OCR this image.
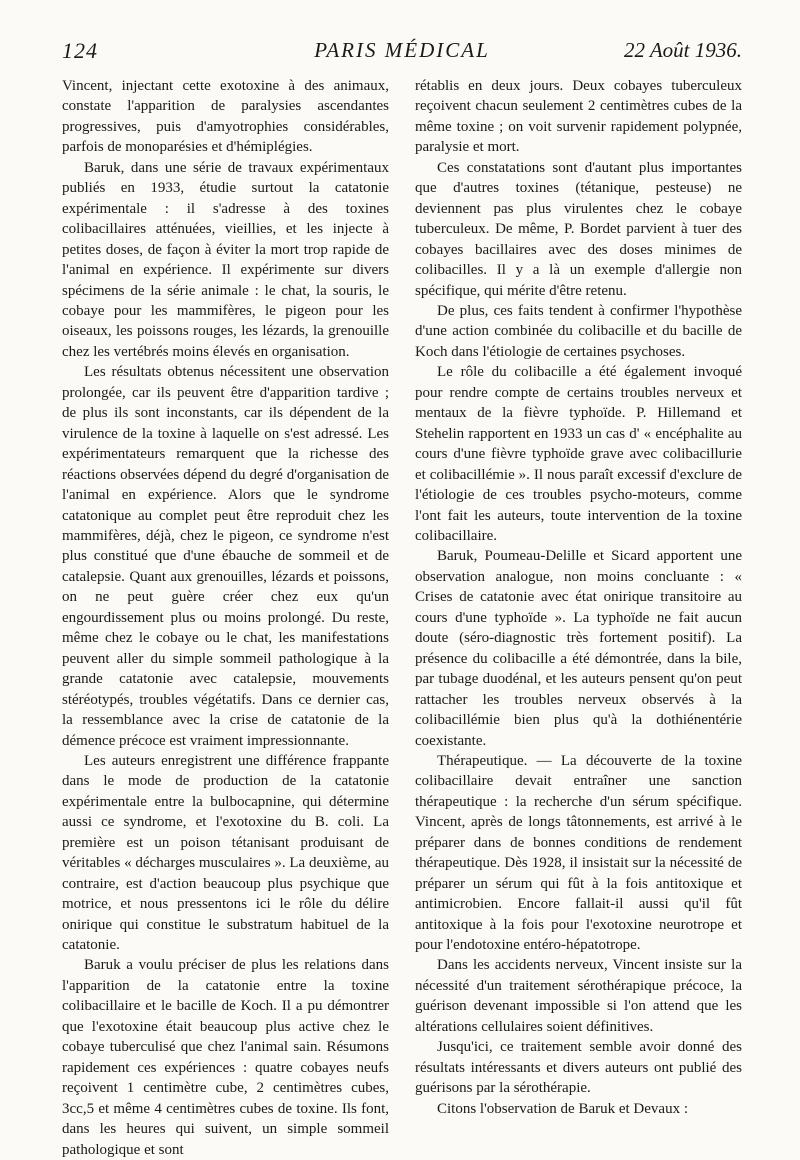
124	PARIS MÉDICAL	22 Août 1936.

Vincent, injectant cette exotoxine à des animaux, constate l'apparition de paralysies ascendantes progressives, puis d'amyotrophies considérables, parfois de monoparésies et d'hémiplégies.

Baruk, dans une série de travaux expérimentaux publiés en 1933, étudie surtout la catatonie expérimentale : il s'adresse à des toxines colibacillaires atténuées, vieillies, et les injecte à petites doses, de façon à éviter la mort trop rapide de l'animal en expérience. Il expérimente sur divers spécimens de la série animale : le chat, la souris, le cobaye pour les mammifères, le pigeon pour les oiseaux, les poissons rouges, les lézards, la grenouille chez les vertébrés moins élevés en organisation.

Les résultats obtenus nécessitent une observation prolongée, car ils peuvent être d'apparition tardive ; de plus ils sont inconstants, car ils dépendent de la virulence de la toxine à laquelle on s'est adressé. Les expérimentateurs remarquent que la richesse des réactions observées dépend du degré d'organisation de l'animal en expérience. Alors que le syndrome catatonique au complet peut être reproduit chez les mammifères, déjà, chez le pigeon, ce syndrome n'est plus constitué que d'une ébauche de sommeil et de catalepsie. Quant aux grenouilles, lézards et poissons, on ne peut guère créer chez eux qu'un engourdissement plus ou moins prolongé. Du reste, même chez le cobaye ou le chat, les manifestations peuvent aller du simple sommeil pathologique à la grande catatonie avec catalepsie, mouvements stéréotypés, troubles végétatifs. Dans ce dernier cas, la ressemblance avec la crise de catatonie de la démence précoce est vraiment impressionnante.

Les auteurs enregistrent une différence frappante dans le mode de production de la catatonie expérimentale entre la bulbocapnine, qui détermine aussi ce syndrome, et l'exotoxine du B. coli. La première est un poison tétanisant produisant de véritables « décharges musculaires ». La deuxième, au contraire, est d'action beaucoup plus psychique que motrice, et nous pressentons ici le rôle du délire onirique qui constitue le substratum habituel de la catatonie.

Baruk a voulu préciser de plus les relations dans l'apparition de la catatonie entre la toxine colibacillaire et le bacille de Koch. Il a pu démontrer que l'exotoxine était beaucoup plus active chez le cobaye tuberculisé que chez l'animal sain. Résumons rapidement ces expériences : quatre cobayes neufs reçoivent 1 centimètre cube, 2 centimètres cubes, 3cc,5 et même 4 centimètres cubes de toxine. Ils font, dans les heures qui suivent, un simple sommeil pathologique et sont

rétablis en deux jours. Deux cobayes tuberculeux reçoivent chacun seulement 2 centimètres cubes de la même toxine ; on voit survenir rapidement polypnée, paralysie et mort.

Ces constatations sont d'autant plus importantes que d'autres toxines (tétanique, pesteuse) ne deviennent pas plus virulentes chez le cobaye tuberculeux. De même, P. Bordet parvient à tuer des cobayes bacillaires avec des doses minimes de colibacilles. Il y a là un exemple d'allergie non spécifique, qui mérite d'être retenu.

De plus, ces faits tendent à confirmer l'hypothèse d'une action combinée du colibacille et du bacille de Koch dans l'étiologie de certaines psychoses.

Le rôle du colibacille a été également invoqué pour rendre compte de certains troubles nerveux et mentaux de la fièvre typhoïde. P. Hillemand et Stehelin rapportent en 1933 un cas d' « encéphalite au cours d'une fièvre typhoïde grave avec colibacillurie et colibacillémie ». Il nous paraît excessif d'exclure de l'étiologie de ces troubles psycho-moteurs, comme l'ont fait les auteurs, toute intervention de la toxine colibacillaire.

Baruk, Poumeau-Delille et Sicard apportent une observation analogue, non moins concluante : « Crises de catatonie avec état onirique transitoire au cours d'une typhoïde ». La typhoïde ne fait aucun doute (séro-diagnostic très fortement positif). La présence du colibacille a été démontrée, dans la bile, par tubage duodénal, et les auteurs pensent qu'on peut rattacher les troubles nerveux observés à la colibacillémie bien plus qu'à la dothiénentérie coexistante.

Thérapeutique. — La découverte de la toxine colibacillaire devait entraîner une sanction thérapeutique : la recherche d'un sérum spécifique. Vincent, après de longs tâtonnements, est arrivé à le préparer dans de bonnes conditions de rendement thérapeutique. Dès 1928, il insistait sur la nécessité de préparer un sérum qui fût à la fois antitoxique et antimicrobien. Encore fallait-il aussi qu'il fût antitoxique à la fois pour l'exotoxine neurotrope et pour l'endotoxine entéro-hépatotrope.

Dans les accidents nerveux, Vincent insiste sur la nécessité d'un traitement sérothérapique précoce, la guérison devenant impossible si l'on attend que les altérations cellulaires soient définitives.

Jusqu'ici, ce traitement semble avoir donné des résultats intéressants et divers auteurs ont publié des guérisons par la sérothérapie.

Citons l'observation de Baruk et Devaux :
